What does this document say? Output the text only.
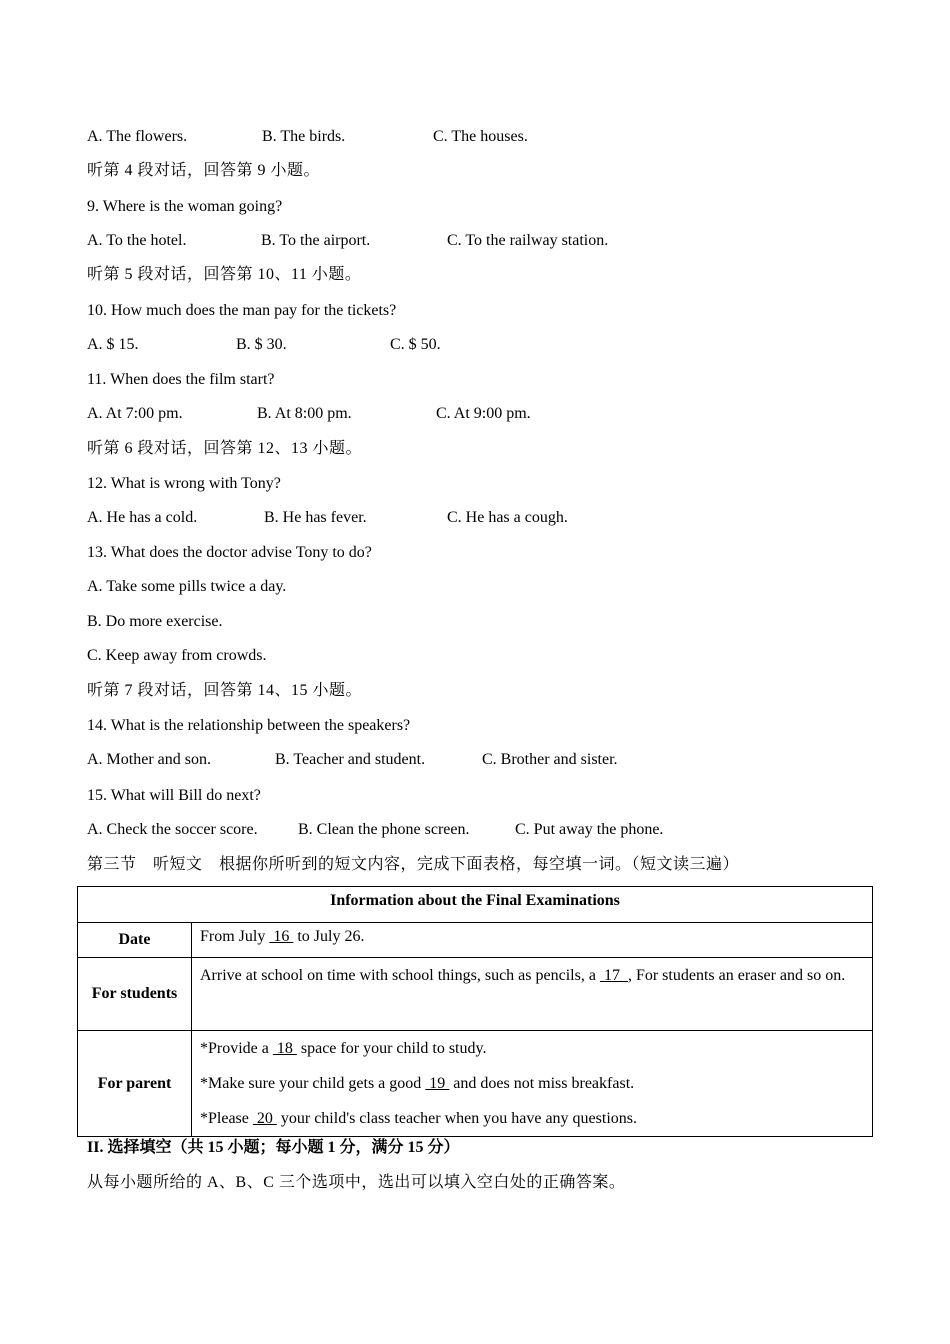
A. The flowers.	B. The birds.	C. The houses.
听第 4 段对话，回答第 9 小题。
9. Where is the woman going?
A. To the hotel.	B. To the airport.	C. To the railway station.
听第 5 段对话，回答第 10、11 小题。
10. How much does the man pay for the tickets?
A. $ 15.	B. $ 30.	C. $ 50.
11. When does the film start?
A. At 7:00 pm.	B. At 8:00 pm.	C. At 9:00 pm.
听第 6 段对话，回答第 12、13 小题。
12. What is wrong with Tony?
A. He has a cold.	B. He has fever.	C. He has a cough.
13. What does the doctor advise Tony to do?
A. Take some pills twice a day.
B. Do more exercise.
C. Keep away from crowds.
听第 7 段对话，回答第 14、15 小题。
14. What is the relationship between the speakers?
A. Mother and son.	B. Teacher and student.	C. Brother and sister.
15. What will Bill do next?
A. Check the soccer score.	B. Clean the phone screen.	C. Put away the phone.
第三节　听短文　根据你所听到的短文内容，完成下面表格，每空填一词。（短文读三遍）
Information about the Final Examinations	
Date	From July  16  to July 26.
For students	Arrive at school on time with school things, such as pencils, a  17  , For students an eraser and so on.
For parent	*Provide a  18  space for your child to study.
*Make sure your child gets a good  19  and does not miss breakfast.
*Please  20  your child's class teacher when you have any questions.
II. 选择填空（共 15 小题；每小题 1 分，满分 15 分）
从每小题所给的 A、B、C 三个选项中，选出可以填入空白处的正确答案。
